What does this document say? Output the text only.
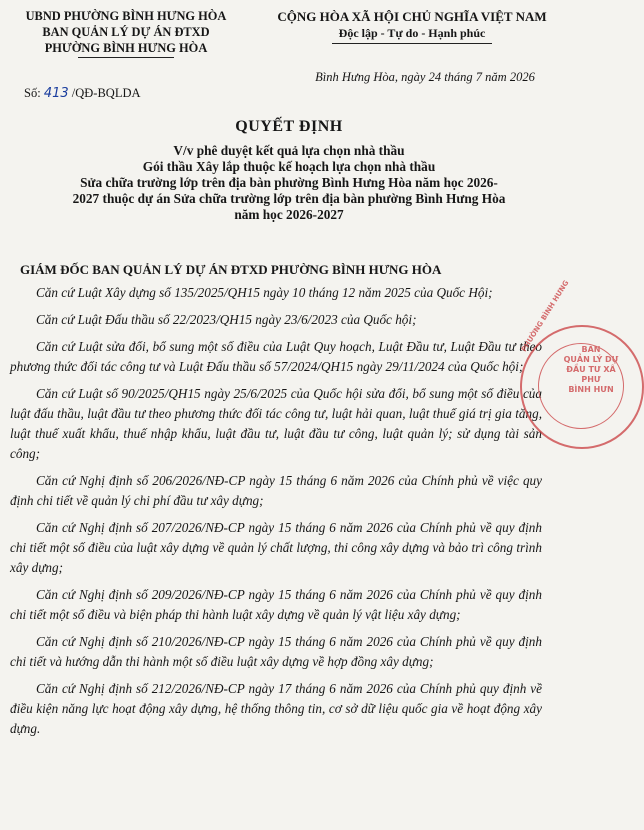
UBND PHƯỜNG BÌNH HƯNG HÒA
BAN QUẢN LÝ DỰ ÁN ĐTXD
PHƯỜNG BÌNH HƯNG HÒA
CỘNG HÒA XÃ HỘI CHỦ NGHĨA VIỆT NAM
Độc lập - Tự do - Hạnh phúc
Số: 413 /QĐ-BQLDA
Bình Hưng Hòa, ngày 24 tháng 7 năm 2026
QUYẾT ĐỊNH
V/v phê duyệt kết quả lựa chọn nhà thầu
Gói thầu Xây lắp thuộc kế hoạch lựa chọn nhà thầu
Sửa chữa trường lớp trên địa bàn phường Bình Hưng Hòa năm học 2026-
2027 thuộc dự án Sửa chữa trường lớp trên địa bàn phường Bình Hưng Hòa
năm học 2026-2027
GIÁM ĐỐC BAN QUẢN LÝ DỰ ÁN ĐTXD PHƯỜNG BÌNH HƯNG HÒA

Căn cứ Luật Xây dựng số 135/2025/QH15 ngày 10 tháng 12 năm 2025 của Quốc Hội;

Căn cứ Luật Đấu thầu số 22/2023/QH15 ngày 23/6/2023 của Quốc hội;

Căn cứ Luật sửa đổi, bổ sung một số điều của Luật Quy hoạch, Luật Đầu tư, Luật Đầu tư theo phương thức đối tác công tư và Luật Đấu thầu số 57/2024/QH15 ngày 29/11/2024 của Quốc hội;

Căn cứ Luật số 90/2025/QH15 ngày 25/6/2025 của Quốc hội sửa đổi, bổ sung một số điều của luật đấu thầu, luật đầu tư theo phương thức đối tác công tư, luật hải quan, luật thuế giá trị gia tăng, luật thuế xuất khẩu, thuế nhập khẩu, luật đầu tư, luật đầu tư công, luật quản lý; sử dụng tài sản công;

Căn cứ Nghị định số 206/2026/NĐ-CP ngày 15 tháng 6 năm 2026 của Chính phủ về việc quy định chi tiết về quản lý chi phí đầu tư xây dựng;

Căn cứ Nghị định số 207/2026/NĐ-CP ngày 15 tháng 6 năm 2026 của Chính phủ về quy định chi tiết một số điều của luật xây dựng về quản lý chất lượng, thi công xây dựng và bảo trì công trình xây dựng;

Căn cứ Nghị định số 209/2026/NĐ-CP ngày 15 tháng 6 năm 2026 của Chính phủ về quy định chi tiết một số điều và biện pháp thi hành luật xây dựng về quản lý vật liệu xây dựng;

Căn cứ Nghị định số 210/2026/NĐ-CP ngày 15 tháng 6 năm 2026 của Chính phủ về quy định chi tiết và hướng dẫn thi hành một số điều luật xây dựng về hợp đồng xây dựng;

Căn cứ Nghị định số 212/2026/NĐ-CP ngày 17 tháng 6 năm 2026 của Chính phủ quy định về điều kiện năng lực hoạt động xây dựng, hệ thống thông tin, cơ sở dữ liệu quốc gia về hoạt động xây dựng.

PHƯỜNG BÌNH HƯNG	BAN
QUẢN LÝ DỰ
ĐẦU TƯ XÂ
PHƯ
BÌNH HƯN
